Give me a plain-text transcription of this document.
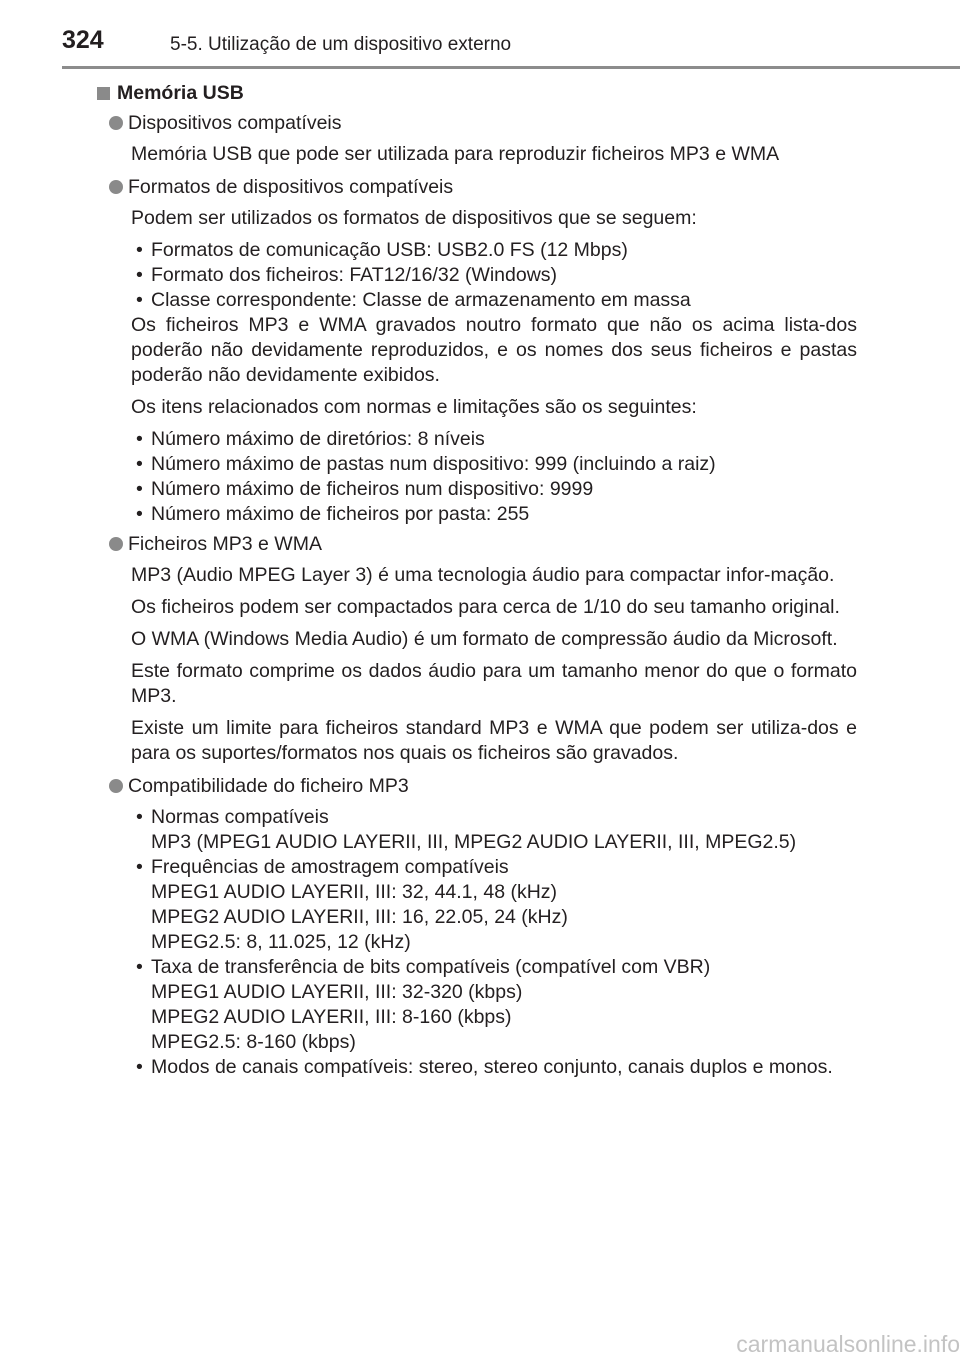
324	5-5. Utilização de um dispositivo externo
Memória USB
Dispositivos compatíveis
Memória USB que pode ser utilizada para reproduzir ficheiros MP3 e WMA
Formatos de dispositivos compatíveis
Podem ser utilizados os formatos de dispositivos que se seguem:
• Formatos de comunicação USB: USB2.0 FS (12 Mbps)
• Formato dos ficheiros: FAT12/16/32 (Windows)
• Classe correspondente: Classe de armazenamento em massa
Os ficheiros MP3 e WMA gravados noutro formato que não os acima lista-dos poderão não devidamente reproduzidos, e os nomes dos seus ficheiros e pastas poderão não devidamente exibidos.
Os itens relacionados com normas e limitações são os seguintes:
• Número máximo de diretórios: 8 níveis
• Número máximo de pastas num dispositivo: 999 (incluindo a raiz)
• Número máximo de ficheiros num dispositivo: 9999
• Número máximo de ficheiros por pasta: 255
Ficheiros MP3 e WMA
MP3 (Audio MPEG Layer 3) é uma tecnologia áudio para compactar infor-mação.
Os ficheiros podem ser compactados para cerca de 1/10 do seu tamanho original.
O WMA (Windows Media Audio) é um formato de compressão áudio da Microsoft.
Este formato comprime os dados áudio para um tamanho menor do que o formato MP3.
Existe um limite para ficheiros standard MP3 e WMA que podem ser utiliza-dos e para os suportes/formatos nos quais os ficheiros são gravados.
Compatibilidade do ficheiro MP3
• Normas compatíveis
MP3 (MPEG1 AUDIO LAYERII, III, MPEG2 AUDIO LAYERII, III, MPEG2.5)
• Frequências de amostragem compatíveis
MPEG1 AUDIO LAYERII, III: 32, 44.1, 48 (kHz)
MPEG2 AUDIO LAYERII, III: 16, 22.05, 24 (kHz)
MPEG2.5: 8, 11.025, 12 (kHz)
• Taxa de transferência de bits compatíveis (compatível com VBR)
MPEG1 AUDIO LAYERII, III: 32-320 (kbps)
MPEG2 AUDIO LAYERII, III: 8-160 (kbps)
MPEG2.5: 8-160 (kbps)
• Modos de canais compatíveis: stereo, stereo conjunto, canais duplos e monos.
carmanualsonline.info
